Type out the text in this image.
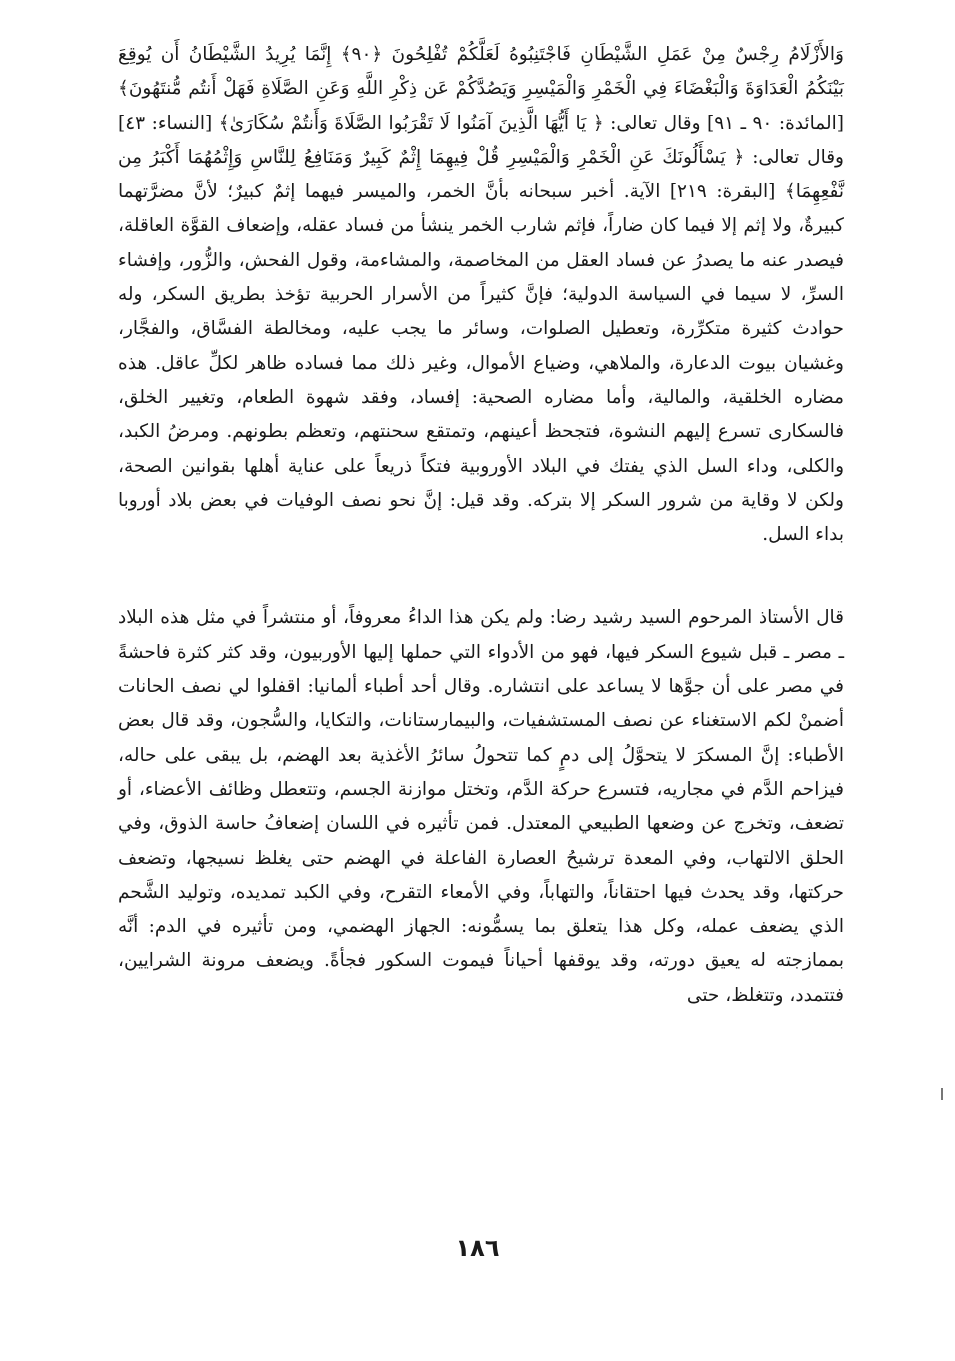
وَالأَزْلَامُ رِجْسٌ مِنْ عَمَلِ الشَّيْطَانِ فَاجْتَنِبُوهُ لَعَلَّكُمْ تُفْلِحُونَ ﴿٩٠﴾ إِنَّمَا يُرِيدُ الشَّيْطَانُ أَن يُوقِعَ بَيْنَكُمُ الْعَدَاوَةَ وَالْبَغْضَاءَ فِي الْخَمْرِ وَالْمَيْسِرِ وَيَصُدَّكُمْ عَن ذِكْرِ اللَّهِ وَعَنِ الصَّلَاةِ فَهَلْ أَنتُم مُّنتَهُونَ﴾ [المائدة: ٩٠ ـ ٩١] وقال تعالى: ﴿ يَا أَيُّهَا الَّذِينَ آمَنُوا لَا تَقْرَبُوا الصَّلَاةَ وَأَنتُمْ سُكَارَىٰ﴾ [النساء: ٤٣] وقال تعالى: ﴿ يَسْأَلُونَكَ عَنِ الْخَمْرِ وَالْمَيْسِرِ قُلْ فِيهِمَا إِثْمٌ كَبِيرٌ وَمَنَافِعُ لِلنَّاسِ وَإِثْمُهُمَا أَكْبَرُ مِن نَّفْعِهِمَا﴾ [البقرة: ٢١٩] الآية. أخبر سبحانه بأنَّ الخمر، والميسر فيهما إثمٌ كبيرٌ؛ لأنَّ مضرَّتهما كبيرةٌ، ولا إثم إلا فيما كان ضاراً، فإثم شارب الخمر ينشأ من فساد عقله، وإضعاف القوَّة العاقلة، فيصدر عنه ما يصدرُ عن فساد العقل من المخاصمة، والمشاءمة، وقول الفحش، والزُّور، وإفشاء السرِّ، لا سيما في السياسة الدولية؛ فإنَّ كثيراً من الأسرار الحربية تؤخذ بطريق السكر، وله حوادث كثيرة متكرِّرة، وتعطيل الصلوات، وسائر ما يجب عليه، ومخالطة الفسَّاق، والفجَّار، وغشيان بيوت الدعارة، والملاهي، وضياع الأموال، وغير ذلك مما فساده ظاهر لكلِّ عاقل. هذه مضاره الخلقية، والمالية، وأما مضاره الصحية: إفساد، وفقد شهوة الطعام، وتغيير الخلق، فالسكارى تسرع إليهم النشوة، فتجحظ أعينهم، وتمتقع سحنتهم، وتعظم بطونهم. ومرضُ الكبد، والكلى، وداء السل الذي يفتك في البلاد الأوروبية فتكاً ذريعاً على عناية أهلها بقوانين الصحة، ولكن لا وقاية من شرور السكر إلا بتركه. وقد قيل: إنَّ نحو نصف الوفيات في بعض بلاد أوروبا بداء السل.

قال الأستاذ المرحوم السيد رشيد رضا: ولم يكن هذا الداءُ معروفاً، أو منتشراً في مثل هذه البلاد ـ مصر ـ قبل شيوع السكر فيها، فهو من الأدواء التي حملها إليها الأوربيون، وقد كثر كثرة فاحشةً في مصر على أن جوَّها لا يساعد على انتشاره. وقال أحد أطباء ألمانيا: اقفلوا لي نصف الحانات أضمنْ لكم الاستغناء عن نصف المستشفيات، والبيمارستانات، والتكايا، والسُّجون، وقد قال بعض الأطباء: إنَّ المسكرَ لا يتحوَّلُ إلى دمٍ كما تتحولُ سائرُ الأغذية بعد الهضم، بل يبقى على حاله، فيزاحم الدَّم في مجاريه، فتسرع حركة الدَّم، وتختل موازنة الجسم، وتتعطل وظائف الأعضاء، أو تضعف، وتخرج عن وضعها الطبيعي المعتدل. فمن تأثيره في اللسان إضعافُ حاسة الذوق، وفي الحلق الالتهاب، وفي المعدة ترشيحُ العصارة الفاعلة في الهضم حتى يغلظ نسيجها، وتضعف حركتها، وقد يحدث فيها احتقاناً، والتهاباً، وفي الأمعاء التقرح، وفي الكبد تمديده، وتوليد الشَّحم الذي يضعف عمله، وكل هذا يتعلق بما يسمُّونه: الجهاز الهضمي، ومن تأثيره في الدم: أنَّه بممازجته له يعيق دورته، وقد يوقفها أحياناً فيموت السكور فجأةً. ويضعف مرونة الشرايين، فتتمدد، وتتغلظ، حتى

١٨٦
